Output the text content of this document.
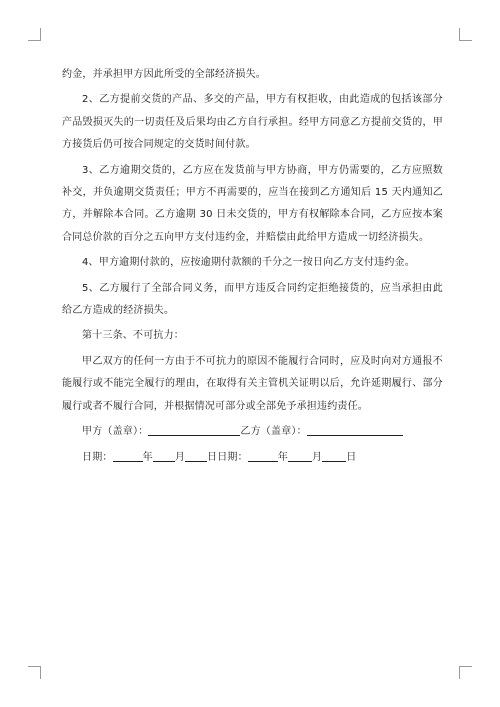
约金，并承担甲方因此所受的全部经济损失。

2、乙方提前交货的产品、多交的产品，甲方有权拒收，由此造成的包括该部分产品毁损灭失的一切责任及后果均由乙方自行承担。经甲方同意乙方提前交货的，甲方接货后仍可按合同规定的交货时间付款。

3、乙方逾期交货的，乙方应在发货前与甲方协商，甲方仍需要的，乙方应照数补交，并负逾期交货责任；甲方不再需要的，应当在接到乙方通知后 15 天内通知乙方，并解除本合同。乙方逾期 30 日未交货的，甲方有权解除本合同，乙方应按本案合同总价款的百分之五向甲方支付违约金，并赔偿由此给甲方造成一切经济损失。

4、甲方逾期付款的，应按逾期付款额的千分之一按日向乙方支付违约金。

5、乙方履行了全部合同义务，而甲方违反合同约定拒绝接货的，应当承担由此给乙方造成的经济损失。

第十三条、不可抗力：

甲乙双方的任何一方由于不可抗力的原因不能履行合同时，应及时向对方通报不能履行或不能完全履行的理由，在取得有关主管机关证明以后，允许延期履行、部分履行或者不履行合同，并根据情况可部分或全部免予承担违约责任。

甲方（盖章）：	乙方（盖章）：

日期：	年 月 日日期：	年 月 日
